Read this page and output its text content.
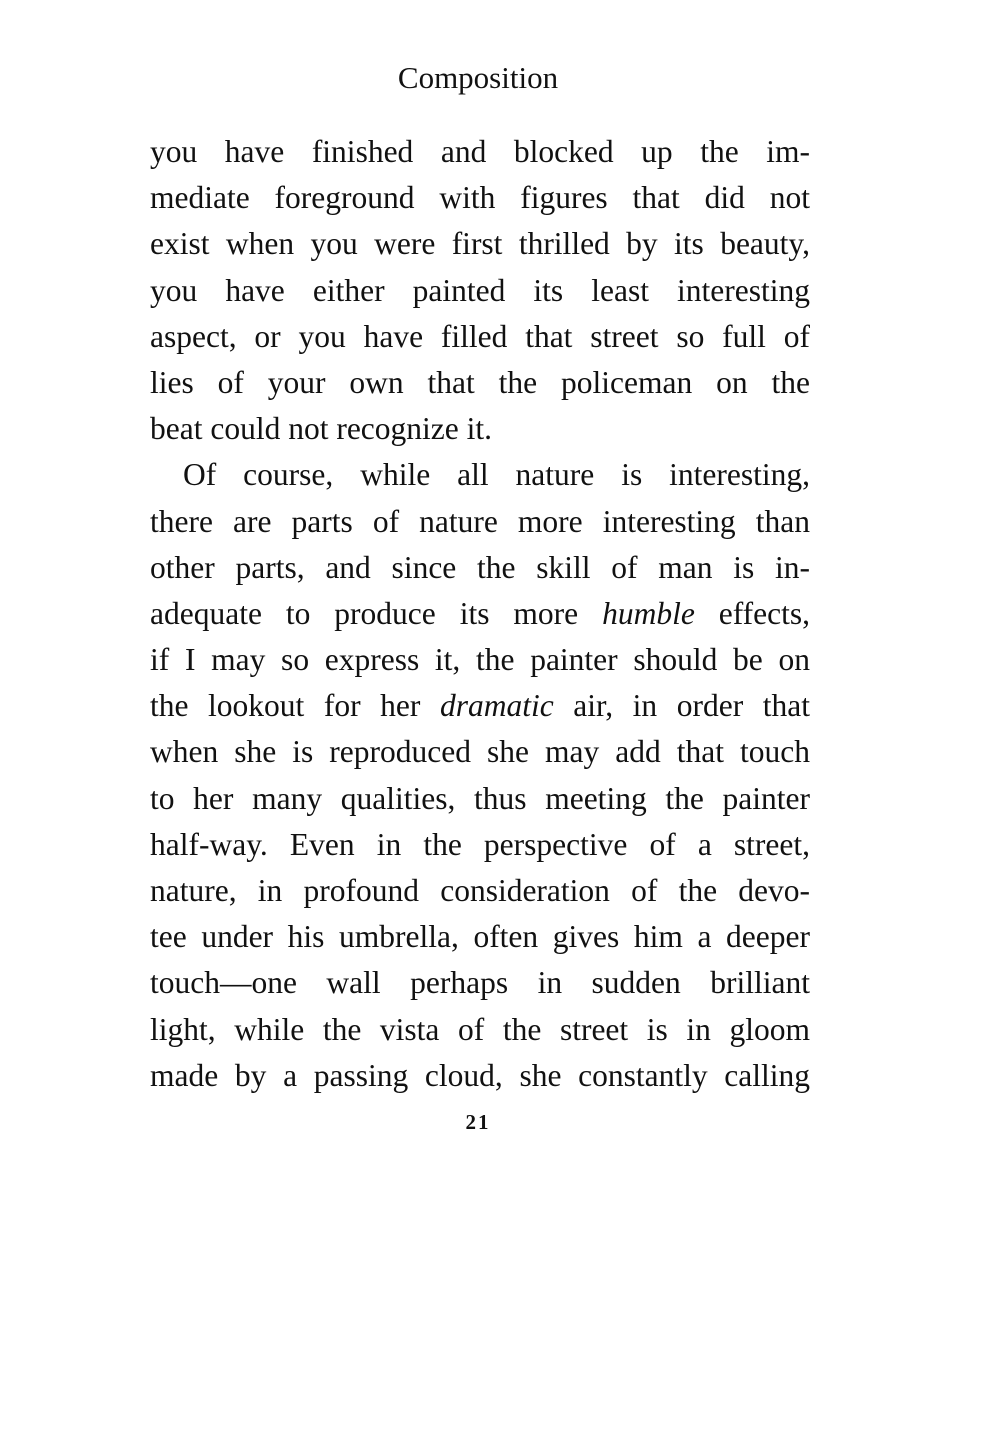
Composition
you have finished and blocked up the im-
mediate foreground with figures that did not
exist when you were first thrilled by its beauty,
you have either painted its least interesting
aspect, or you have filled that street so full of
lies of your own that the policeman on the
beat could not recognize it.
Of course, while all nature is interesting,
there are parts of nature more interesting than
other parts, and since the skill of man is in-
adequate to produce its more humble effects,
if I may so express it, the painter should be on
the lookout for her dramatic air, in order that
when she is reproduced she may add that touch
to her many qualities, thus meeting the painter
half-way. Even in the perspective of a street,
nature, in profound consideration of the devo-
tee under his umbrella, often gives him a deeper
touch—one wall perhaps in sudden brilliant
light, while the vista of the street is in gloom
made by a passing cloud, she constantly calling
21
